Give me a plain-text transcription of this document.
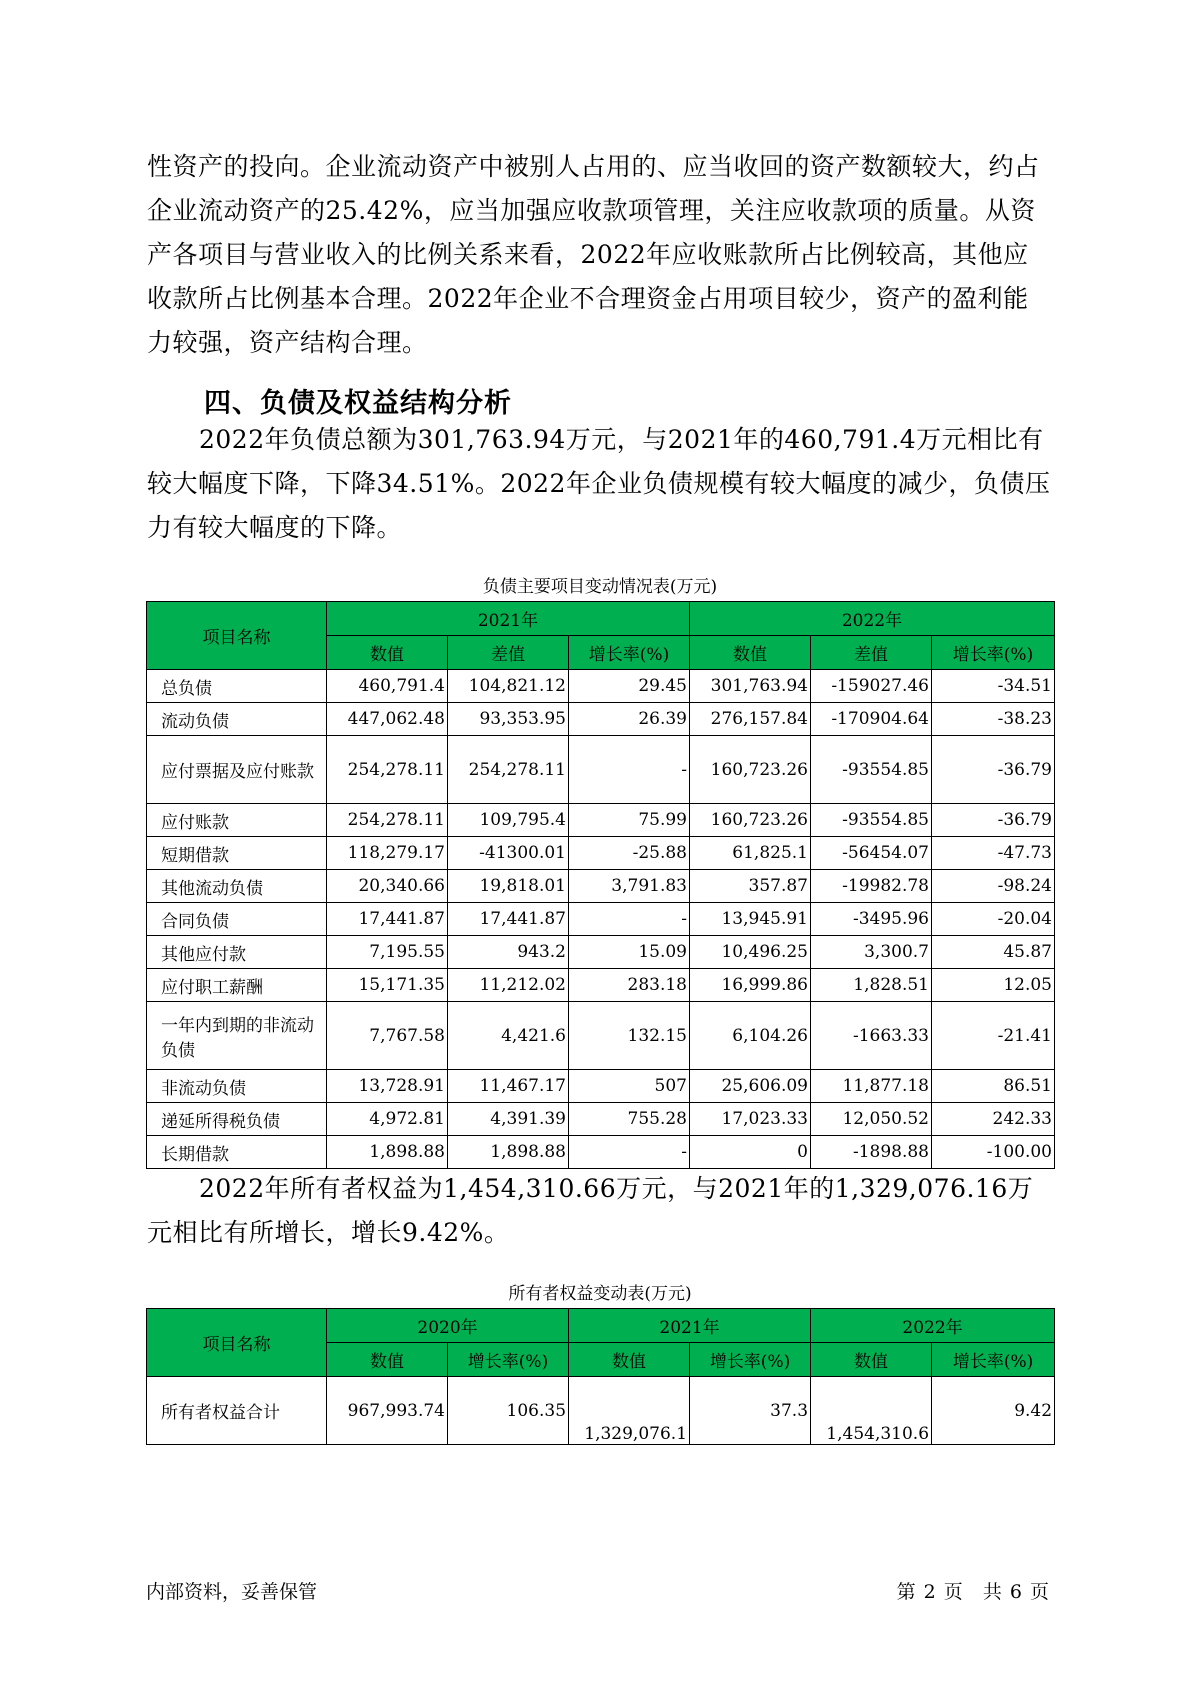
性资产的投向。企业流动资产中被别人占用的、应当收回的资产数额较大，约占企业流动资产的25.42%，应当加强应收款项管理，关注应收款项的质量。从资产各项目与营业收入的比例关系来看，2022年应收账款所占比例较高，其他应收款所占比例基本合理。2022年企业不合理资金占用项目较少，资产的盈利能力较强，资产结构合理。

四、负债及权益结构分析

2022年负债总额为301,763.94万元，与2021年的460,791.4万元相比有较大幅度下降，下降34.51%。2022年企业负债规模有较大幅度的减少，负债压力有较大幅度的下降。

负债主要项目变动情况表(万元)

项目名称	2021年			2022年		
	数值	差值	增长率(%)	数值	差值	增长率(%)
总负债	460,791.4	104,821.12	29.45	301,763.94	-159027.46	-34.51
流动负债	447,062.48	93,353.95	26.39	276,157.84	-170904.64	-38.23
应付票据及应付账款	254,278.11	254,278.11	-	160,723.26	-93554.85	-36.79
应付账款	254,278.11	109,795.4	75.99	160,723.26	-93554.85	-36.79
短期借款	118,279.17	-41300.01	-25.88	61,825.1	-56454.07	-47.73
其他流动负债	20,340.66	19,818.01	3,791.83	357.87	-19982.78	-98.24
合同负债	17,441.87	17,441.87	-	13,945.91	-3495.96	-20.04
其他应付款	7,195.55	943.2	15.09	10,496.25	3,300.7	45.87
应付职工薪酬	15,171.35	11,212.02	283.18	16,999.86	1,828.51	12.05
一年内到期的非流动负债	7,767.58	4,421.6	132.15	6,104.26	-1663.33	-21.41
非流动负债	13,728.91	11,467.17	507	25,606.09	11,877.18	86.51
递延所得税负债	4,972.81	4,391.39	755.28	17,023.33	12,050.52	242.33
长期借款	1,898.88	1,898.88	-	0	-1898.88	-100.00

2022年所有者权益为1,454,310.66万元，与2021年的1,329,076.16万元相比有所增长，增长9.42%。

所有者权益变动表(万元)

项目名称	2020年		2021年		2022年	
	数值	增长率(%)	数值	增长率(%)	数值	增长率(%)
所有者权益合计	967,993.74	106.35	1,329,076.1	37.3	1,454,310.6	9.42

内部资料，妥善保管	第 2 页 共 6 页
